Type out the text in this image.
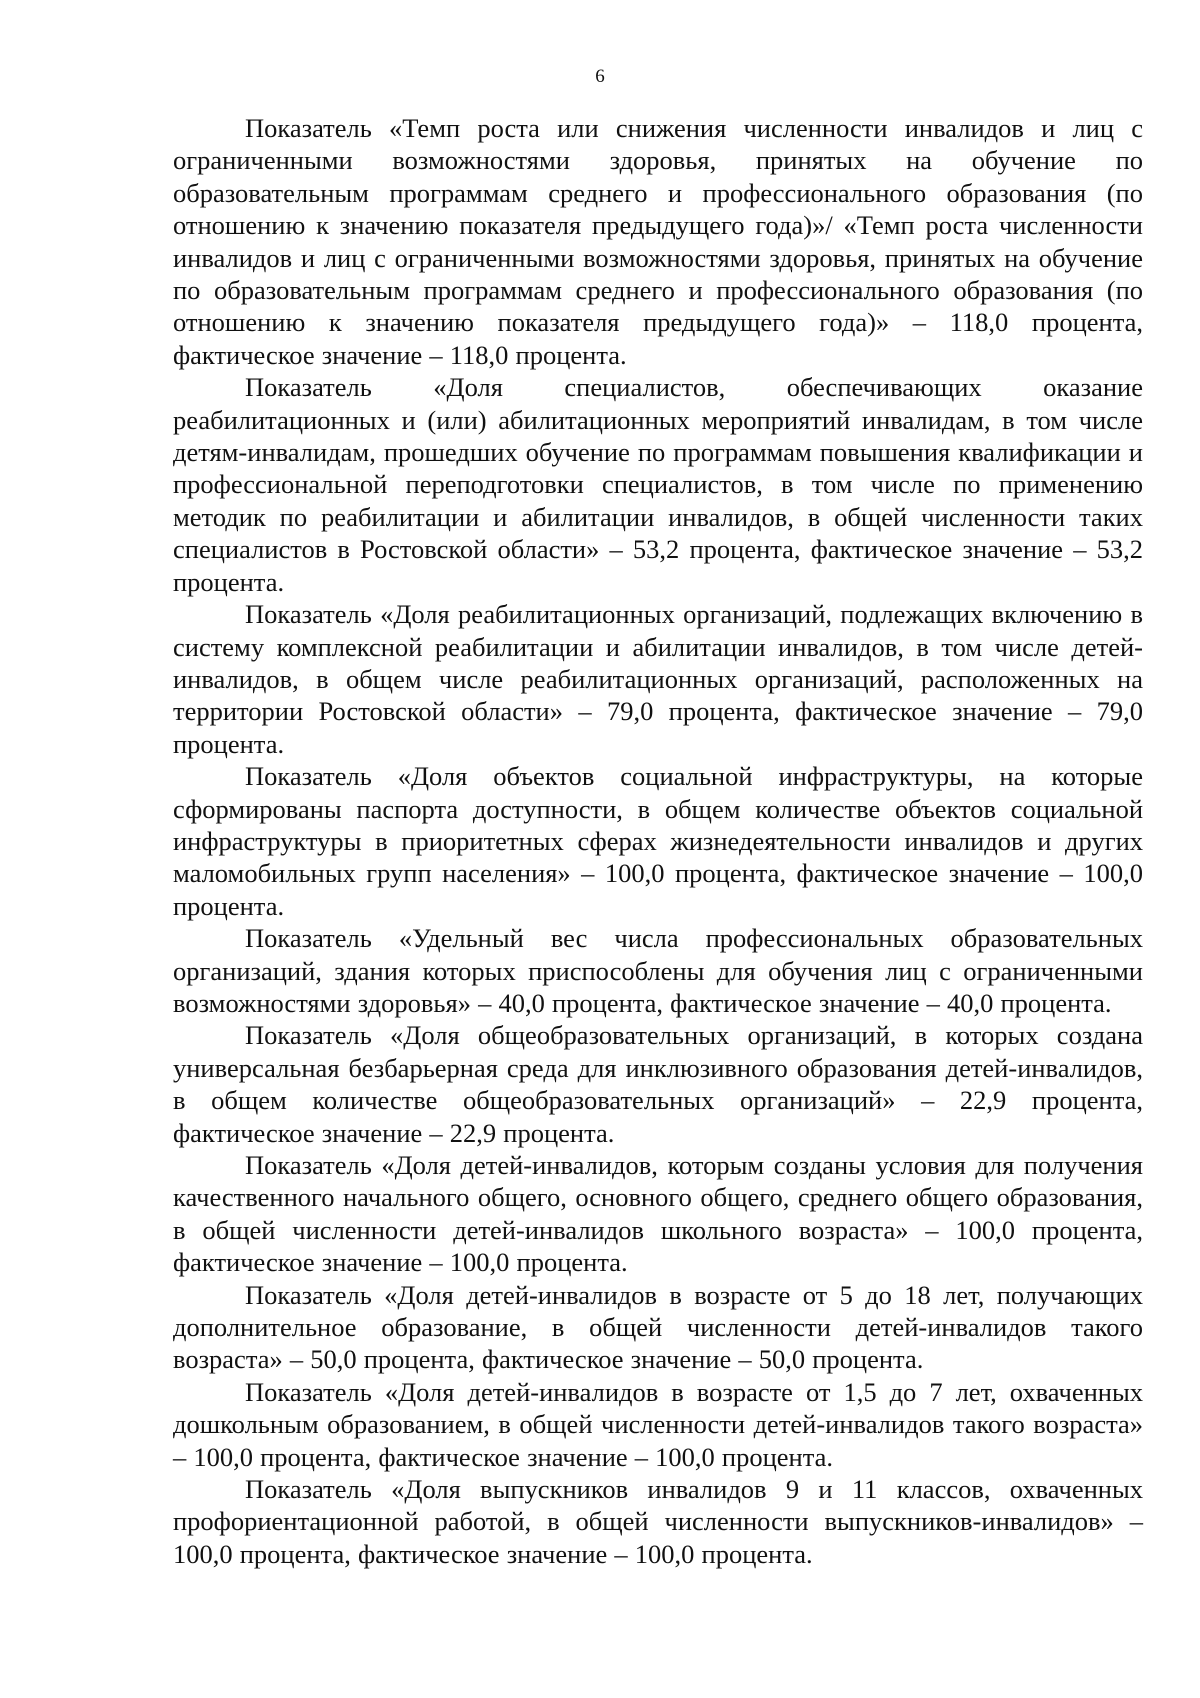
6

Показатель «Темп роста или снижения численности инвалидов и лиц с ограниченными возможностями здоровья, принятых на обучение по образовательным программам среднего и профессионального образования (по отношению к значению показателя предыдущего года)»/ «Темп роста численности инвалидов и лиц с ограниченными возможностями здоровья, принятых на обучение по образовательным программам среднего и профессионального образования (по отношению к значению показателя предыдущего года)» – 118,0 процента, фактическое значение – 118,0 процента.

Показатель «Доля специалистов, обеспечивающих оказание реабилитационных и (или) абилитационных мероприятий инвалидам, в том числе детям-инвалидам, прошедших обучение по программам повышения квалификации и профессиональной переподготовки специалистов, в том числе по применению методик по реабилитации и абилитации инвалидов, в общей численности таких специалистов в Ростовской области» – 53,2 процента, фактическое значение – 53,2 процента.

Показатель «Доля реабилитационных организаций, подлежащих включению в систему комплексной реабилитации и абилитации инвалидов, в том числе детей-инвалидов, в общем числе реабилитационных организаций, расположенных на территории Ростовской области» – 79,0 процента, фактическое значение – 79,0 процента.

Показатель «Доля объектов социальной инфраструктуры, на которые сформированы паспорта доступности, в общем количестве объектов социальной инфраструктуры в приоритетных сферах жизнедеятельности инвалидов и других маломобильных групп населения» – 100,0 процента, фактическое значение – 100,0 процента.

Показатель «Удельный вес числа профессиональных образовательных организаций, здания которых приспособлены для обучения лиц с ограниченными возможностями здоровья» – 40,0 процента, фактическое значение – 40,0 процента.

Показатель «Доля общеобразовательных организаций, в которых создана универсальная безбарьерная среда для инклюзивного образования детей-инвалидов, в общем количестве общеобразовательных организаций» – 22,9 процента, фактическое значение – 22,9 процента.

Показатель «Доля детей-инвалидов, которым созданы условия для получения качественного начального общего, основного общего, среднего общего образования, в общей численности детей-инвалидов школьного возраста» – 100,0 процента, фактическое значение – 100,0 процента.

Показатель «Доля детей-инвалидов в возрасте от 5 до 18 лет, получающих дополнительное образование, в общей численности детей-инвалидов такого возраста» – 50,0 процента, фактическое значение – 50,0 процента.

Показатель «Доля детей-инвалидов в возрасте от 1,5 до 7 лет, охваченных дошкольным образованием, в общей численности детей-инвалидов такого возраста» – 100,0 процента, фактическое значение – 100,0 процента.

Показатель «Доля выпускников инвалидов 9 и 11 классов, охваченных профориентационной работой, в общей численности выпускников-инвалидов» – 100,0 процента, фактическое значение – 100,0 процента.
